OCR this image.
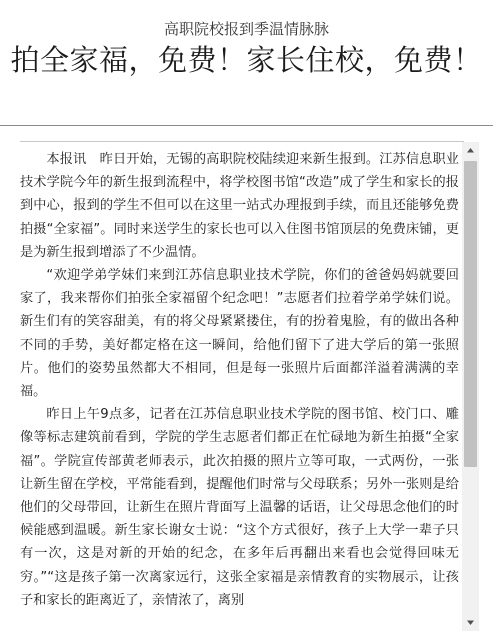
高职院校报到季温情脉脉
拍全家福，免费！家长住校，免费！

本报讯　昨日开始，无锡的高职院校陆续迎来新生报到。江苏信息职业技术学院今年的新生报到流程中，将学校图书馆“改造”成了学生和家长的报到中心，报到的学生不但可以在这里一站式办理报到手续，而且还能够免费拍摄“全家福”。同时来送学生的家长也可以入住图书馆顶层的免费床铺，更是为新生报到增添了不少温情。

“欢迎学弟学妹们来到江苏信息职业技术学院，你们的爸爸妈妈就要回家了，我来帮你们拍张全家福留个纪念吧！”志愿者们拉着学弟学妹们说。新生们有的笑容甜美，有的将父母紧紧搂住，有的扮着鬼脸，有的做出各种不同的手势，美好都定格在这一瞬间，给他们留下了进大学后的第一张照片。他们的姿势虽然都大不相同，但是每一张照片后面都洋溢着满满的幸福。

昨日上午9点多，记者在江苏信息职业技术学院的图书馆、校门口、雕像等标志建筑前看到，学院的学生志愿者们都正在忙碌地为新生拍摄“全家福”。学院宣传部黄老师表示，此次拍摄的照片立等可取，一式两份，一张让新生留在学校，平常能看到，提醒他们时常与父母联系；另外一张则是给他们的父母带回，让新生在照片背面写上温馨的话语，让父母思念他们的时候能感到温暖。新生家长谢女士说：“这个方式很好，孩子上大学一辈子只有一次，这是对新的开始的纪念，在多年后再翻出来看也会觉得回味无穷。”“这是孩子第一次离家远行，这张全家福是亲情教育的实物展示，让孩子和家长的距离近了，亲情浓了，离别
